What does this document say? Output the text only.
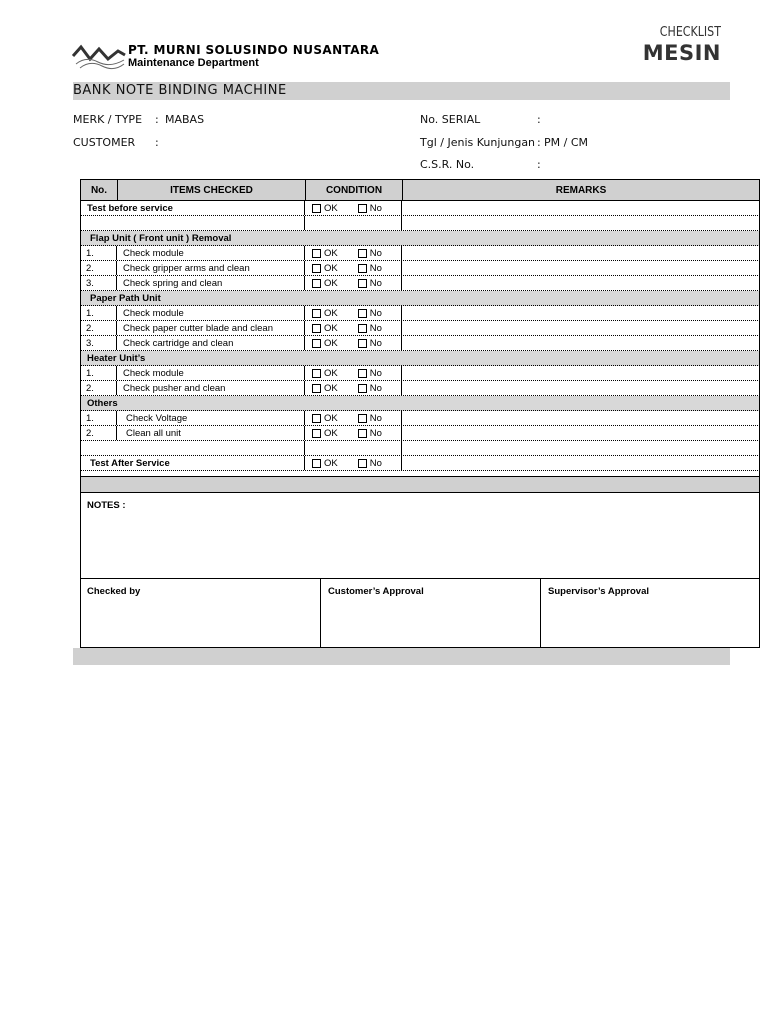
PT. MURNI SOLUSINDO NUSANTARA
Maintenance Department
CHECKLIST
MESIN
BANK NOTE BINDING MACHINE
MERK / TYPE : MABAS
CUSTOMER :
No. SERIAL	:
Tgl / Jenis Kunjungan : PM / CM
C.S.R. No.	:
No.	ITEMS CHECKED	CONDITION	REMARKS
Test before service	OK	No
Flap Unit ( Front unit ) Removal
1.	Check module	OK	No
2.	Check gripper arms and clean	OK	No
3.	Check spring and clean	OK	No
Paper Path Unit
1.	Check module	OK	No
2.	Check paper cutter blade and clean	OK	No
3.	Check cartridge and clean	OK	No
Heater Unit’s
1.	Check module	OK	No
2.	Check pusher and clean	OK	No
Others
1.	Check Voltage	OK	No
2.	Clean all unit	OK	No
Test After Service	OK	No
NOTES :
Checked by	Customer’s Approval	Supervisor’s Approval
